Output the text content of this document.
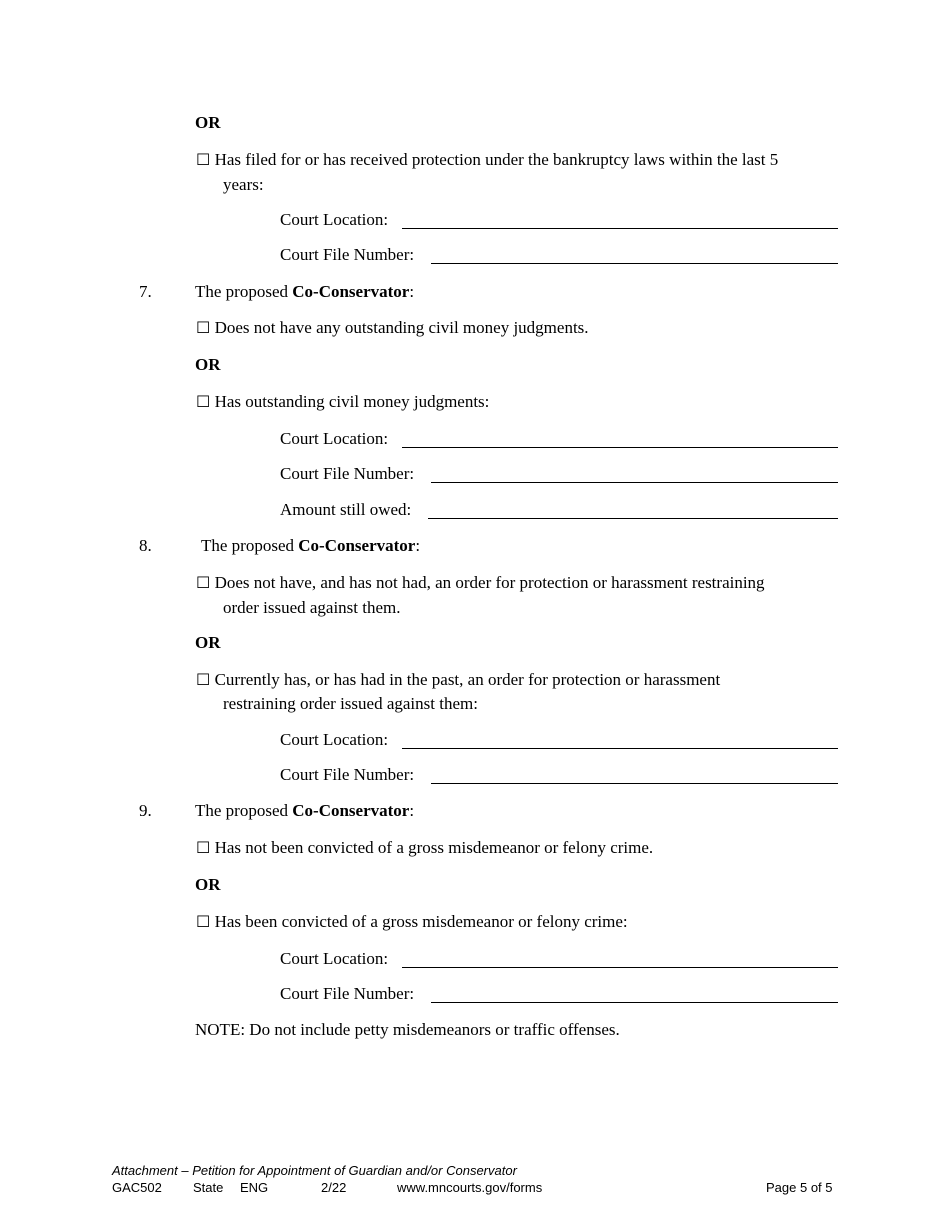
OR
☐ Has filed for or has received protection under the bankruptcy laws within the last 5
years:
Court Location:
Court File Number:
7.	The proposed Co-Conservator:
☐ Does not have any outstanding civil money judgments.
OR
☐ Has outstanding civil money judgments:
Court Location:
Court File Number:
Amount still owed:
8.	The proposed Co-Conservator:
☐ Does not have, and has not had, an order for protection or harassment restraining
order issued against them.
OR
☐ Currently has, or has had in the past, an order for protection or harassment
restraining order issued against them:
Court Location:
Court File Number:
9.	The proposed Co-Conservator:
☐ Has not been convicted of a gross misdemeanor or felony crime.
OR
☐ Has been convicted of a gross misdemeanor or felony crime:
Court Location:
Court File Number:
NOTE: Do not include petty misdemeanors or traffic offenses.
Attachment – Petition for Appointment of Guardian and/or Conservator
GAC502 State ENG	2/22	www.mncourts.gov/forms	Page 5 of 5
